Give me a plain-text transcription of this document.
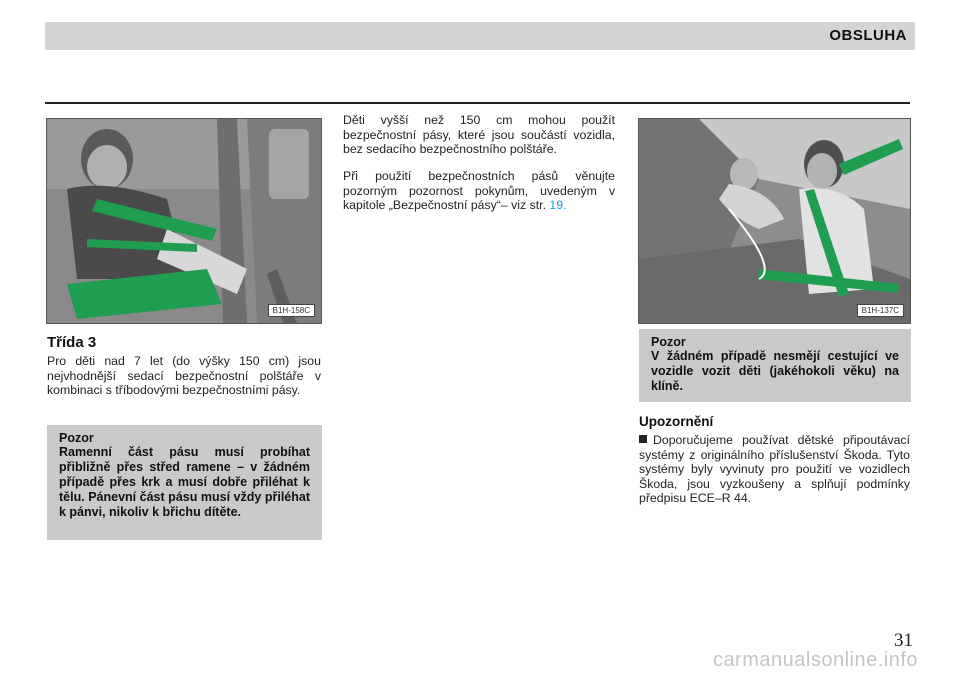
OBSLUHA
B1H-158C
Třída 3

Pro děti nad 7 let (do výšky 150 cm) jsou nejvhodnější sedací bezpečnostní polštáře v kombinaci s tříbodovými bezpečnostními pásy.

Pozor

Ramenní část pásu musí probíhat přibližně přes střed ramene – v žádném případě přes krk a musí dobře přiléhat k tělu. Pánevní část pásu musí vždy přiléhat k pánvi, nikoliv k břichu dítěte.

Děti vyšší než 150 cm mohou použít bezpečnostní pásy, které jsou součástí vozidla, bez sedacího bezpečnostního polštáře.

Při použití bezpečnostních pásů věnujte pozorným pozornost pokynům, uvedeným v kapitole „Bezpečnostní pásy“– viz str. 19.

B1H-137C
Pozor

V žádném případě nesmějí cestující ve vozidle vozit děti (jakéhokoli věku) na klíně.

Upozornění

Doporučujeme používat dětské připoutávací systémy z originálního příslušenství Škoda. Tyto systémy byly vyvinuty pro použití ve vozidlech Škoda, jsou vyzkoušeny a splňují podmínky předpisu ECE–R 44.

31
carmanualsonline.info
